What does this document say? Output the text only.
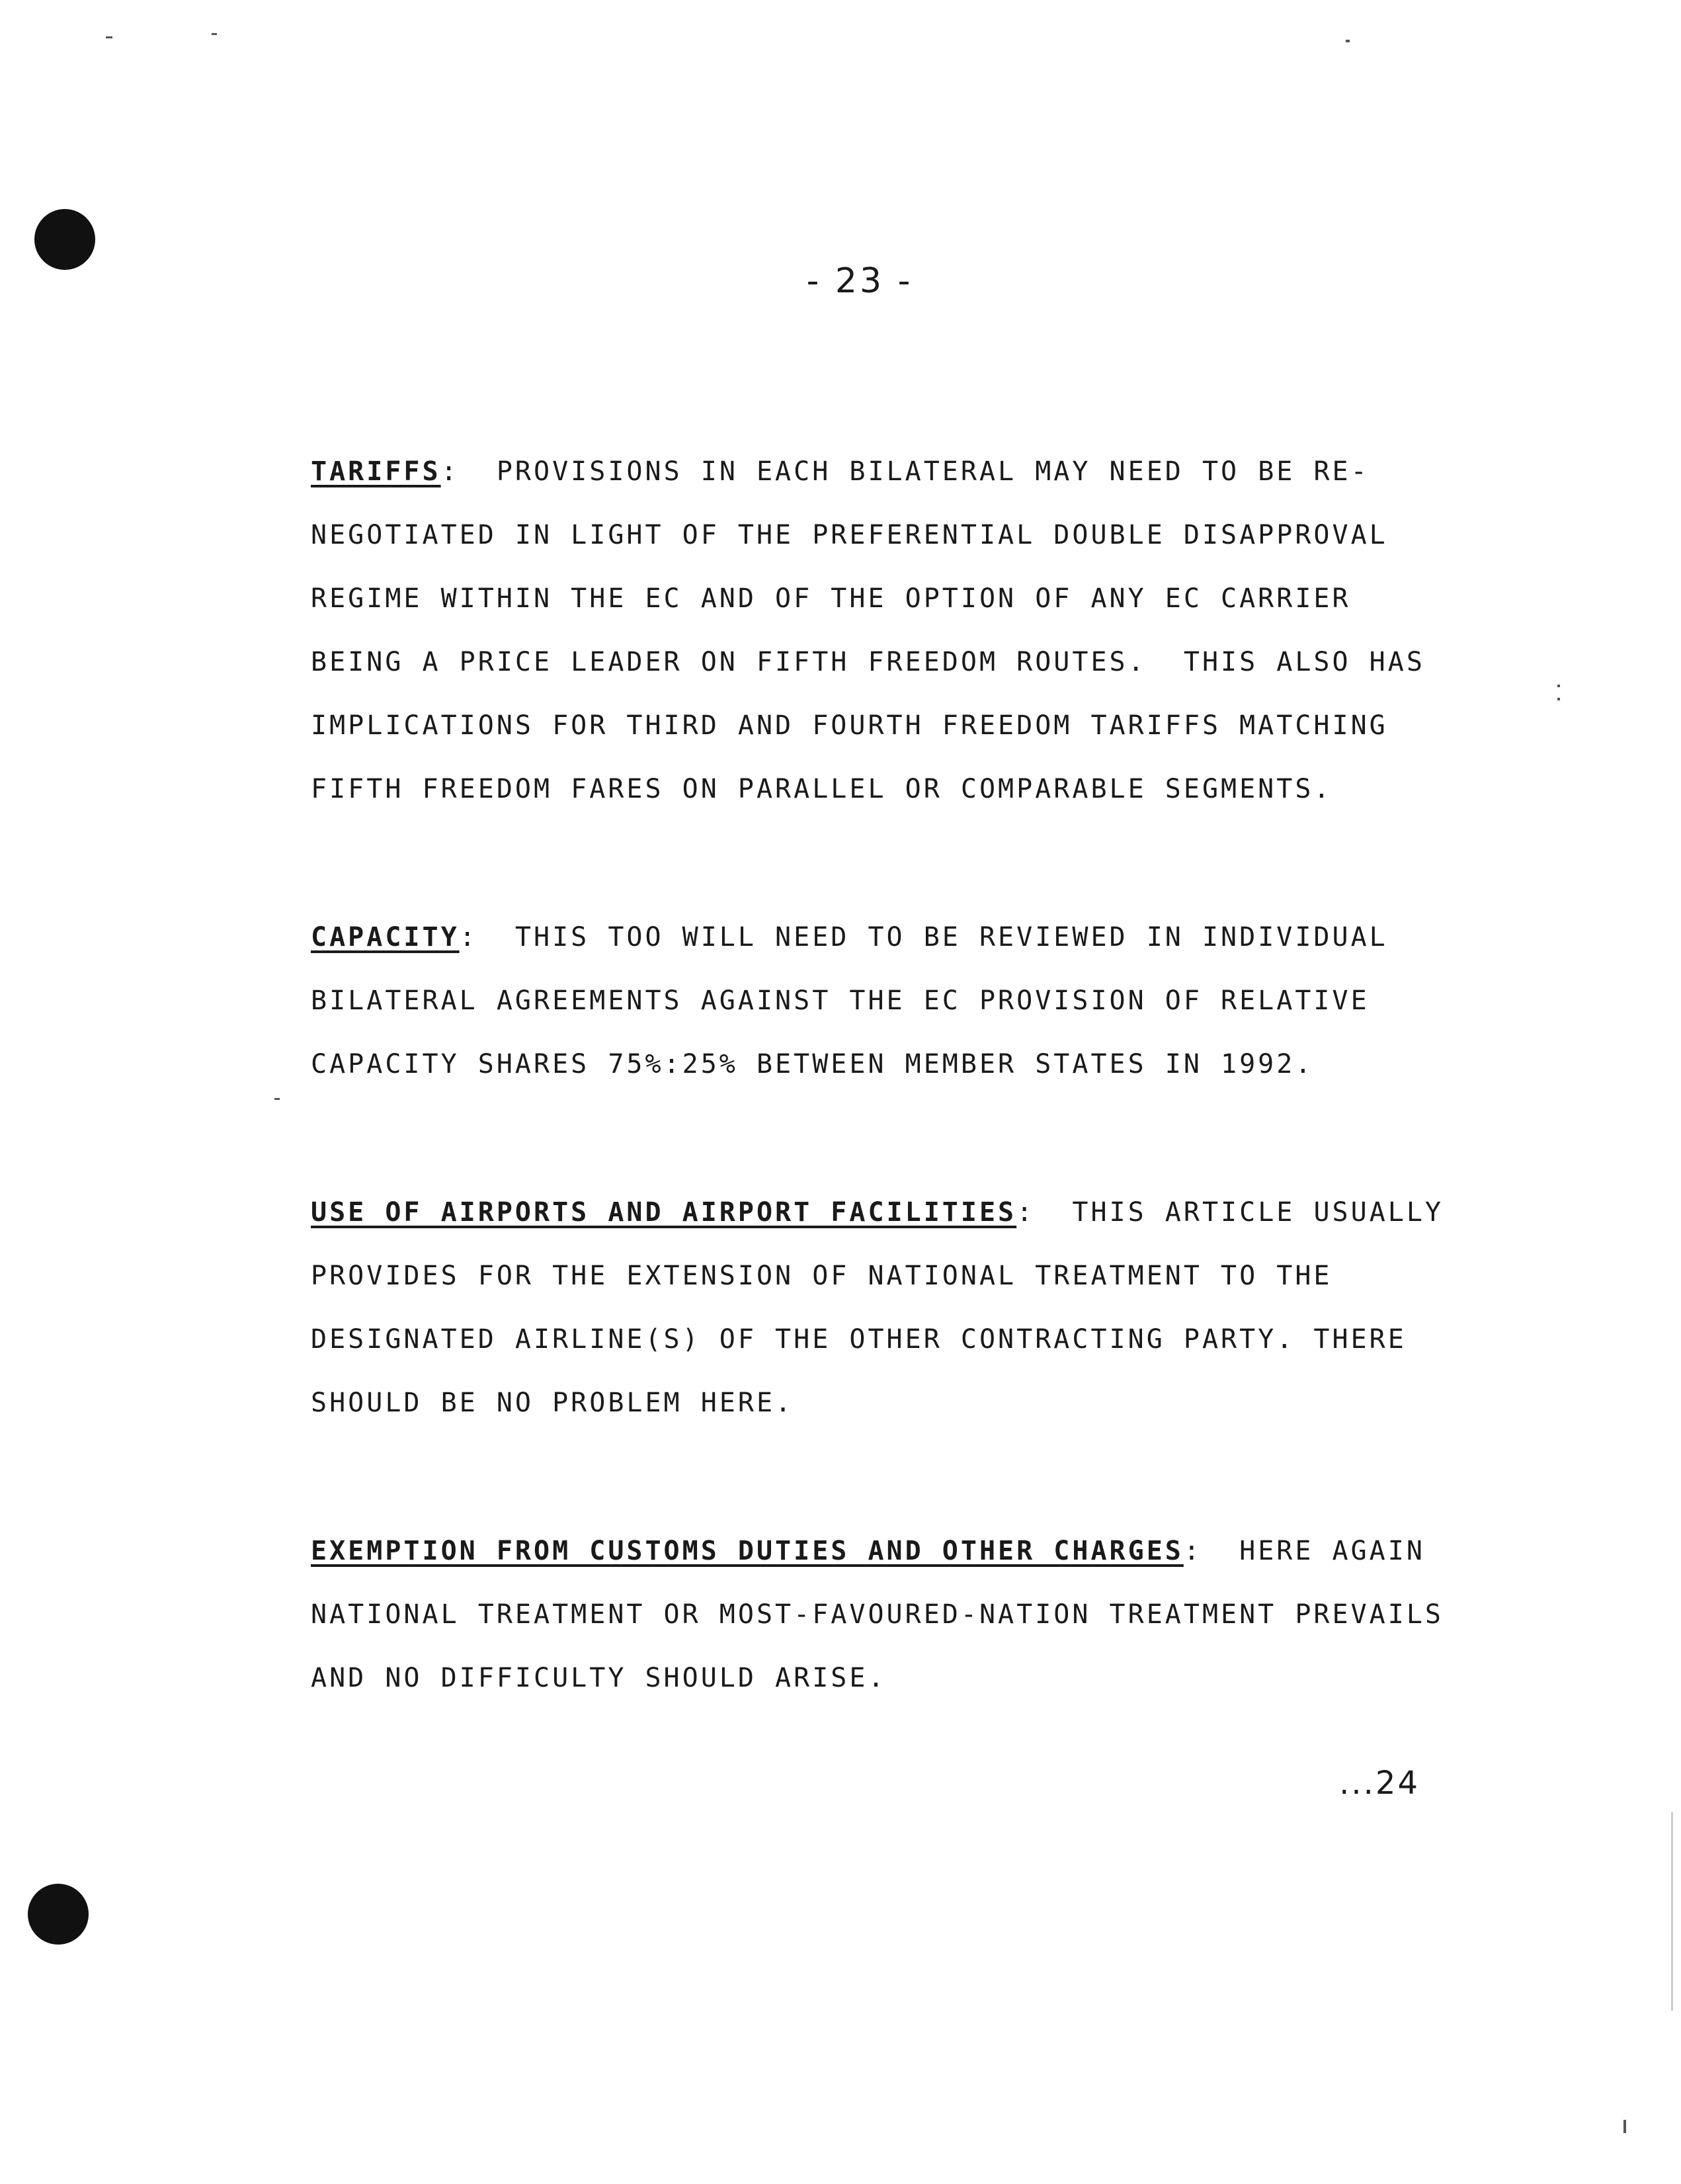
- 23 -

TARIFFS:  PROVISIONS IN EACH BILATERAL MAY NEED TO BE RE-NEGOTIATED IN LIGHT OF THE PREFERENTIAL DOUBLE DISAPPROVAL REGIME WITHIN THE EC AND OF THE OPTION OF ANY EC CARRIER BEING A PRICE LEADER ON FIFTH FREEDOM ROUTES.  THIS ALSO HAS IMPLICATIONS FOR THIRD AND FOURTH FREEDOM TARIFFS MATCHING FIFTH FREEDOM FARES ON PARALLEL OR COMPARABLE SEGMENTS.

CAPACITY:  THIS TOO WILL NEED TO BE REVIEWED IN INDIVIDUAL BILATERAL AGREEMENTS AGAINST THE EC PROVISION OF RELATIVE CAPACITY SHARES 75%:25% BETWEEN MEMBER STATES IN 1992.

USE OF AIRPORTS AND AIRPORT FACILITIES:  THIS ARTICLE USUALLY PROVIDES FOR THE EXTENSION OF NATIONAL TREATMENT TO THE DESIGNATED AIRLINE(S) OF THE OTHER CONTRACTING PARTY. THERE SHOULD BE NO PROBLEM HERE.

EXEMPTION FROM CUSTOMS DUTIES AND OTHER CHARGES:  HERE AGAIN NATIONAL TREATMENT OR MOST-FAVOURED-NATION TREATMENT PREVAILS AND NO DIFFICULTY SHOULD ARISE.

...24
